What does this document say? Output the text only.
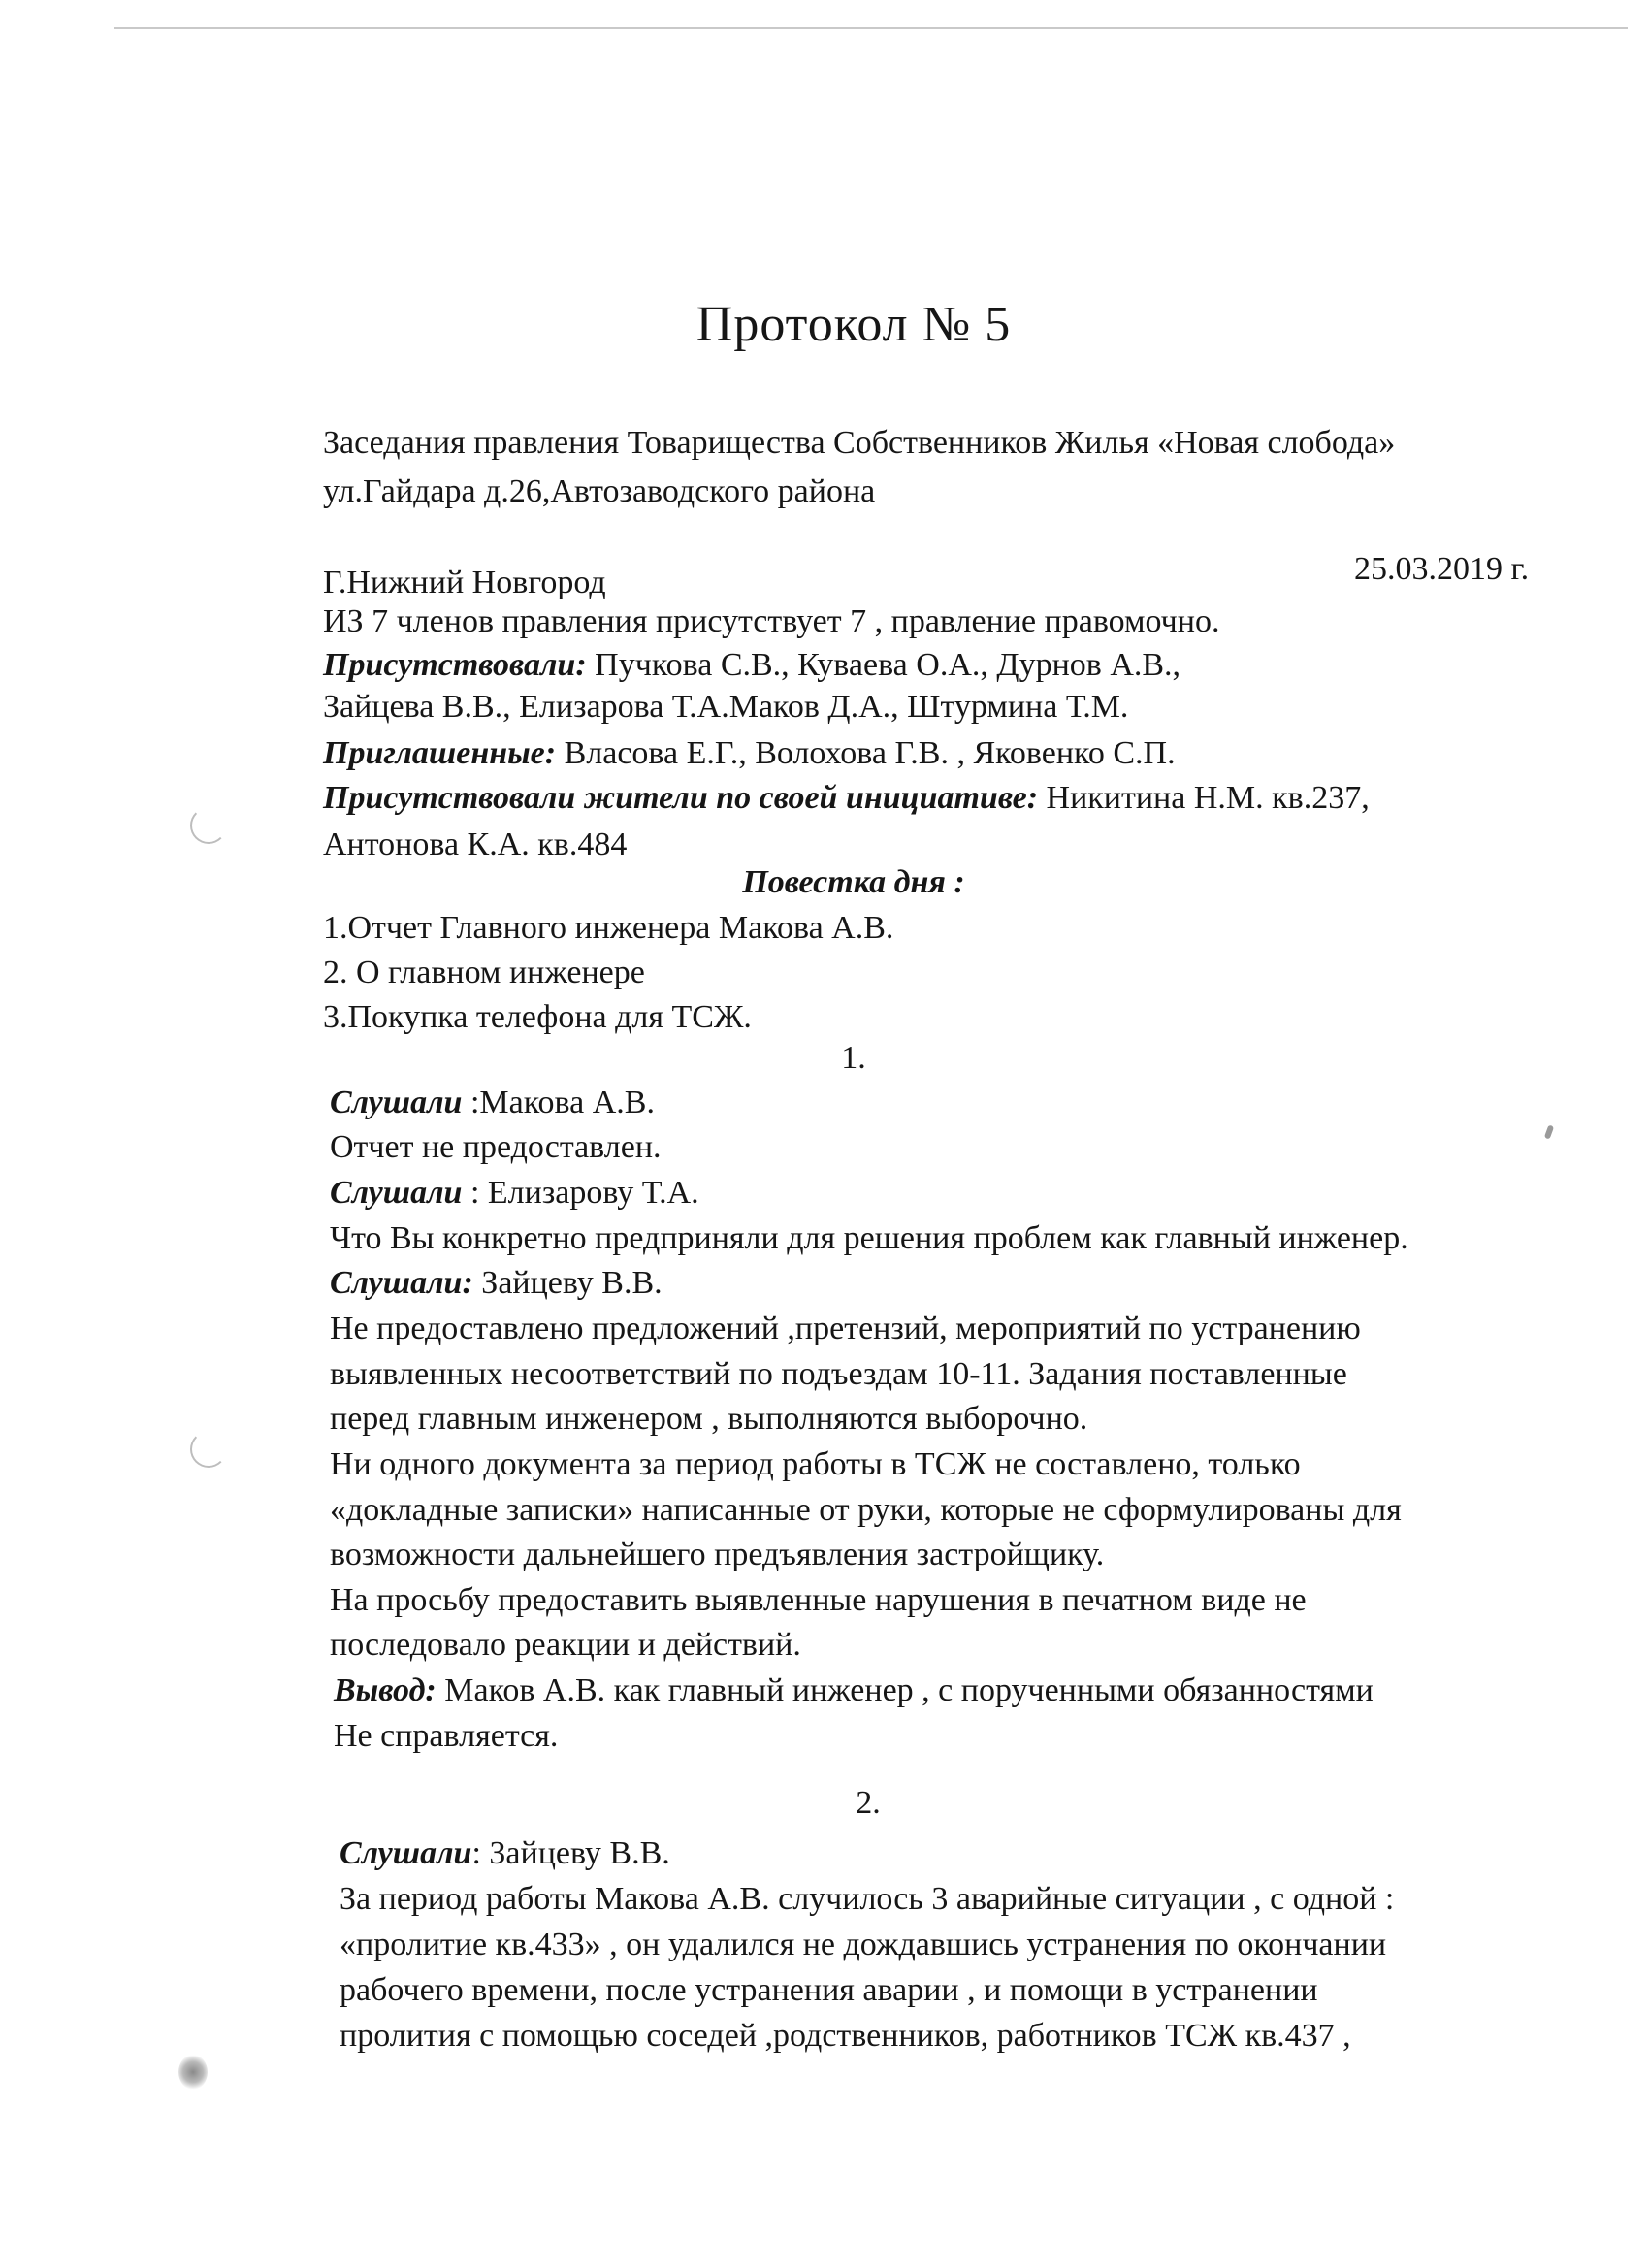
Протокол № 5
Заседания правления Товарищества Собственников Жилья «Новая слобода»
ул.Гайдара д.26,Автозаводского района
Г.Нижний Новгород	25.03.2019 г.
ИЗ 7 членов правления присутствует 7 , правление правомочно.
Присутствовали: Пучкова С.В., Куваева О.А., Дурнов А.В.,
Зайцева В.В., Елизарова Т.А.Маков Д.А., Штурмина Т.М.
Приглашенные: Власова Е.Г., Волохова Г.В. , Яковенко С.П.
Присутствовали жители по своей инициативе: Никитина Н.М. кв.237,
Антонова К.А. кв.484
Повестка дня :
1.Отчет Главного инженера Макова А.В.
2. О главном инженере
3.Покупка телефона для ТСЖ.
1.
Слушали :Макова А.В.
Отчет не предоставлен.
Слушали : Елизарову Т.А.
Что Вы конкретно предприняли для решения проблем как главный инженер.
Слушали: Зайцеву В.В.
Не предоставлено предложений ,претензий, мероприятий по устранению
выявленных несоответствий по подъездам 10-11. Задания поставленные
перед главным инженером , выполняются выборочно.
Ни одного документа за период работы в ТСЖ не составлено, только
«докладные записки» написанные от руки, которые не сформулированы для
возможности дальнейшего предъявления застройщику.
На просьбу предоставить выявленные нарушения в печатном виде не
последовало реакции и действий.
Вывод: Маков А.В. как главный инженер , с порученными обязанностями
Не справляется.
2.
Слушали: Зайцеву В.В.
За период работы Макова А.В. случилось 3 аварийные ситуации , с одной :
«пролитие кв.433» , он удалился не дождавшись устранения по окончании
рабочего времени, после устранения аварии , и помощи в устранении
пролития с помощью соседей ,родственников, работников ТСЖ кв.437 ,
